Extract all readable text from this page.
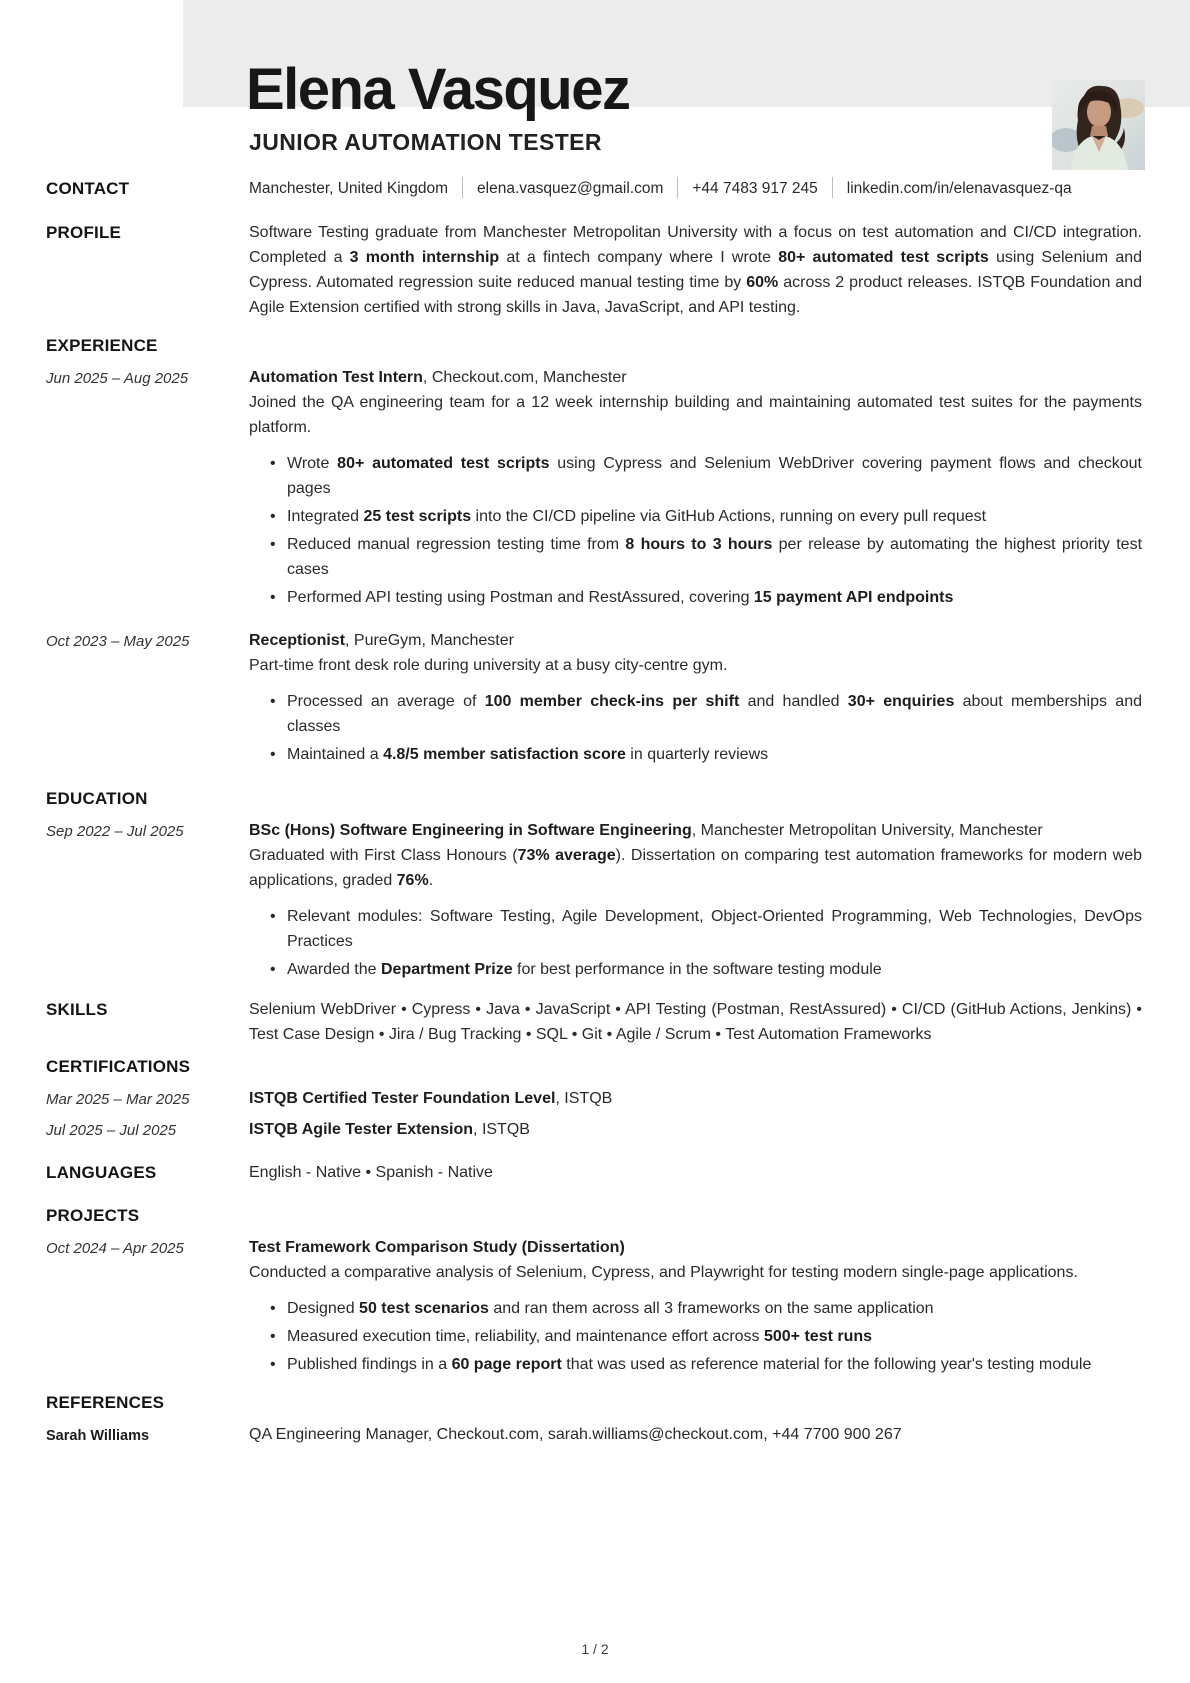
Elena Vasquez
JUNIOR AUTOMATION TESTER
CONTACT	Manchester, United Kingdom elena.vasquez@gmail.com +44 7483 917 245 linkedin.com/in/elenavasquez-qa
PROFILE	Software Testing graduate from Manchester Metropolitan University with a focus on test automation and CI/CD integration. Completed a 3 month internship at a fintech company where I wrote 80+ automated test scripts using Selenium and Cypress. Automated regression suite reduced manual testing time by 60% across 2 product releases. ISTQB Foundation and Agile Extension certified with strong skills in Java, JavaScript, and API testing.

EXPERIENCE
Jun 2025 – Aug 2025	Automation Test Intern, Checkout.com, Manchester

Joined the QA engineering team for a 12 week internship building and maintaining automated test suites for the payments platform.

• Wrote 80+ automated test scripts using Cypress and Selenium WebDriver covering payment flows and checkout pages
• Integrated 25 test scripts into the CI/CD pipeline via GitHub Actions, running on every pull request
• Reduced manual regression testing time from 8 hours to 3 hours per release by automating the highest priority test cases
• Performed API testing using Postman and RestAssured, covering 15 payment API endpoints
Oct 2023 – May 2025	Receptionist, PureGym, Manchester

Part-time front desk role during university at a busy city-centre gym.

• Processed an average of 100 member check-ins per shift and handled 30+ enquiries about memberships and classes
• Maintained a 4.8/5 member satisfaction score in quarterly reviews
EDUCATION
Sep 2022 – Jul 2025	BSc (Hons) Software Engineering in Software Engineering, Manchester Metropolitan University, Manchester

Graduated with First Class Honours (73% average). Dissertation on comparing test automation frameworks for modern web applications, graded 76%.

• Relevant modules: Software Testing, Agile Development, Object-Oriented Programming, Web Technologies, DevOps Practices
• Awarded the Department Prize for best performance in the software testing module
SKILLS	Selenium WebDriver • Cypress • Java • JavaScript • API Testing (Postman, RestAssured) • CI/CD (GitHub Actions, Jenkins) • Test Case Design • Jira / Bug Tracking • SQL • Git • Agile / Scrum • Test Automation Frameworks

CERTIFICATIONS
Mar 2025 – Mar 2025	ISTQB Certified Tester Foundation Level, ISTQB
Jul 2025 – Jul 2025	ISTQB Agile Tester Extension, ISTQB
LANGUAGES	English - Native • Spanish - Native

PROJECTS
Oct 2024 – Apr 2025	Test Framework Comparison Study (Dissertation)

Conducted a comparative analysis of Selenium, Cypress, and Playwright for testing modern single-page applications.

• Designed 50 test scenarios and ran them across all 3 frameworks on the same application
• Measured execution time, reliability, and maintenance effort across 500+ test runs
• Published findings in a 60 page report that was used as reference material for the following year's testing module
REFERENCES
Sarah Williams	QA Engineering Manager, Checkout.com, sarah.williams@checkout.com, +44 7700 900 267

1 / 2
